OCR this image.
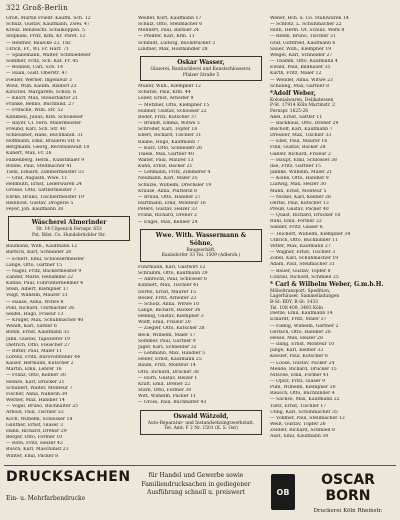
322 Groß-Berlin
Groß, Martin Friedr. Kaufm. Sch. 12
Schulz, Gustav, Kaufmann, Zwei. 47
Kreuz. Benzeschl. Schalkoppen. 5
Stephani, Fritz, Kfm. Kr. Paret. 12
— Rentner, Baulcke 23, Thr.
Ulrich, Fr., Wl. Fr. Harr. 71
— Spänemann, Walter, Schmiedeber
Sommer, Fritz, Sch. Kat. Fr. 45
— Bonnen, Carl, Sch. 14
— Haan, Gust. Oberstr. 47
Fiedler, Werner, Ingenieur 3
Wold, Wilh. Kaufm. Rixdorf 23
Kirschel, Margarete, Schon. 6
— Knorr, Max, Steuerfaktor 21
Franke, Benno, Buchbind. 27
— Fritsche, Wilh. Str. 52
Klinkbeil, Julius, Kfm. Schöneber
— Bayer, Cl. Ferd. Malermeister
Freund, Karl, Sch. Str. 40
Schleusner, Hans, Buchhändl. 31
Hoffmann, Emil, Brauerei Str. 6
Bergmann, Georg, Rechtsanwalt 18
Kunert, Max, Fr. 26
Falkenberg, Herm., Kunstmaler 9
Bohne, Paul, Stellmacher 41
Tiehl, Eduard, Zimmermeister 33
— Graf, Auguste, Wwe. 11
Hellmuth, Ernst, Lederwaren 24
Grosse, Otto, Sattlermeister 7
Ehrke, Bruno, Tischlermeister 19
Reinhold, Gustav, Drogerie 5
Feyer, Joh. Kaufmann 38
Wäscherei Almerinder
Nr. 14 Cöpenick Fernspr. 653
Pst. Bdst. Co. Hundsbrückler Str.
Baumann, Wilh., Kaufmann 12
Bartsch, Kurt, Schneider 28
— Eckert, Emil, Schlossermeister
Lange, Otto, Gärtner 15
— Nagel, Fritz, Bäckermeister 9
Zander, Marie, Hebamme 22
Kühne, Paul, Fuhrunternehmer 4
Stein, Albert, Klempner 17
Voigt, Wilhelm, Maurer 31
— Haase, Anna, Witwe 8
Pohl, Richard, Uhrmacher 26
Seidel, Hugo, Friseur 13
— Krüger, Max, Schuhmacher 40
Wendt, Karl, Sattler 6
Böhm, Ernst, Kaufmann 35
Jahn, Gustav, Tapezierer 19
Dietrich, Otto, Fleischer 27
— Ritter, Paul, Maler 11
Lorenz, Fritz, Bürovorsteher 44
Kaiser, Hermann, Kutscher 2
Martin, Emil, Lehrer 16
— Franz, Otto, Kellner 30
Heinze, Karl, Drucker 21
Schubert, Walter, Monteur 7
Fischer, Anna, Näherin 39
Werner, Max, Händler 14
— Vogel, Bruno, Buchhalter 25
Arnold, Paul, Tischler 33
Koch, Wilhelm, Schlosser 18
Günther, Ernst, Glaser 3
Hahn, Richard, Dreher 29
Berger, Otto, Former 10
— Roth, Fritz, Heizer 42
Busch, Karl, Maschinist 23
Winter, Emil, Packer 8
Weißer, Kurt, Kaufmann 17
Schulz, Otto, Stellmacher 6
Mehnert, Paul, Barbier 24
— Pfeiffer, Karl, Kfm. 11
Schmidt, Ludwig, Buchdrucker 3
Lindner, Max, Holzhändler 28
Oskar Wasser,
Glaserei, Bautischlerei und Kunstschlosserei,
Pfalzer Straße 5
Müller, Wilh., Klempner 12
Schütze, Paul, Kfm. 44
Leder, Ernst, Arbeiter 9
— Metzner, Otto, Klempner 15
Hübner, Gustav, Schlosser 22
Röder, Fritz, Kutscher 37
— Brandt, Emma, Witwe 5
Schröder, Karl, Töpfer 18
Ebert, Richard, Tischler 31
Raabe, Hugo, Kaufmann 7
— Kurz, Otto, Schneider 26
Thiele, Max, Gärtner 40
Walter, Paul, Maurer 13
Kühn, Ernst, Bäcker 21
— Lehmann, Fritz, Zimmerer 4
Neumann, Karl, Maler 35
Schulze, Wilhelm, Drechsler 19
Krause, Anna, Plätterin 8
— Braun, Otto, Händler 27
Hartmann, Emil, Monteur 16
Peters, Gustav, Heizer 33
Frank, Richard, Dreher 2
— Engel, Max, Kellner 24
Wwe. With. Wassermann & Söhne,
Baugeschäft,
Kaulsdorfer 33 Tel. 1509 (Adlersh.)
Fuhrmann, Karl, Gastwirt 12
Schramm, Otto, Kaufmann 29
— Albrecht, Paul, Schlosser 6
Kuhnert, Max, Tischler 41
Dörfel, Ernst, Maurer 15
Rösler, Fritz, Arbeiter 23
— Scholz, Anna, Witwe 10
Lange, Richard, Bäcker 36
Hennig, Gustav, Klempner 3
Wolff, Emil, Friseur 20
— Ziegler, Otto, Kutscher 28
Beck, Wilhelm, Maler 17
Sommer, Paul, Gärtner 9
Jäger, Karl, Schneider 32
— Lehmann, Max, Händler 5
Heller, Ernst, Kaufmann 25
Baum, Fritz, Monteur 14
Otto, Richard, Drucker 38
— Horn, Gustav, Heizer 1
Kraft, Emil, Dreher 22
Stark, Otto, Former 30
Witt, Wilhelm, Packer 11
— Gross, Paul, Buchhalter 43
Oswald Wätzold,
Auto-Reparatur- und Instandsetzungswerkstatt,
Tel. Amt: F 2 Nr. 1501 (K. S. Ost)
Weber, Hch. u. Co. Stahlwaren 14
— Schlötz, L. Schuhmacher 22
Huth, Herm. Ot. Schulz. Werk 8
— Rehm, Bruno, Tischler 31
Gräf, Gottfried, Kaufmann 6
Sauer, Wilh., Klempner 19
Weigel, Karl, Schneider 27
— Thamm, Otto, Kaufmann 4
Ewald, Paul, Bildhauer 35
Kurth, Fritz, Maler 12
— Wendel, Anna, Witwe 23
Schilling, Max, Gärtner 8
*Adolf Weber,
Kolonialwaren, Delikatessen
P-St. 17914 Köln Martinstr. 2
Fernspr. 1625-26
Abel, Ernst, Sattler 11
— Backhaus, Otto, Dreher 29
Bischoff, Karl, Kaufmann 7
Dressler, Max, Tischler 33
— Ebel, Paul, Maurer 16
Fink, Gustav, Bäcker 24
Gabler, Richard, Friseur 2
— Haupt, Emil, Schlosser 38
Ilse, Fritz, Gärtner 15
Jahnke, Wilhelm, Maler 21
— Kolbe, Otto, Händler 9
Ludwig, Max, Heizer 30
Mann, Ernst, Monteur 5
— Nickel, Karl, Kellner 26
Oertel, Paul, Kutscher 13
Preuß, Gustav, Packer 40
— Quast, Richard, Drucker 18
Rühl, Emil, Former 22
Sander, Fritz, Glaser 6
— Teichert, Wilhelm, Klempner 34
Ulbrich, Otto, Buchbinder 11
Vetter, Max, Kaufmann 27
— Wagner, Ernst, Tischler 3
Zobel, Karl, Schuhmacher 19
Adam, Paul, Stellmacher 31
— Bauer, Gustav, Töpfer 8
Conrad, Richard, Schmied 25
* Carl & Wilhelm Weber, G.m.b.H.
Möbeltransport, Spedition,
Lagerhäuser, Sammelladungen
B-St: BDY, R-St: 1433
Tel. 108 409, 3493 Köln
Dietze, Emil, Kaufmann 14
Eckardt, Fritz, Maler 37
— Fiebig, Wilhelm, Gärtner 2
Gerlach, Otto, Händler 20
Hesse, Max, Heizer 28
— Illing, Ernst, Monteur 10
Junge, Karl, Kellner 33
Kessler, Paul, Kutscher 6
— Loose, Gustav, Packer 24
Mende, Richard, Drucker 15
Nitsche, Emil, Former 41
— Opitz, Fritz, Glaser 9
Puhl, Wilhelm, Klempner 30
Rausch, Otto, Buchbinder 4
— Sachse, Max, Kaufmann 22
Tietz, Ernst, Tischler 17
Uhlig, Karl, Schuhmacher 35
— Vollmer, Paul, Stellmacher 12
Weiß, Gustav, Töpfer 26
Zeidler, Richard, Schmied 8
Aust, Emil, Kaufmann 39
DRUCKSACHEN
Ein- u. Mehrfarbendrucke
für Handel und Gewerbe sowie
Familiendrucksachen in gediegener
Ausführung schnell u. preiswert	OB
OSCAR BORN
Druckerei Köln Rheinstr.
